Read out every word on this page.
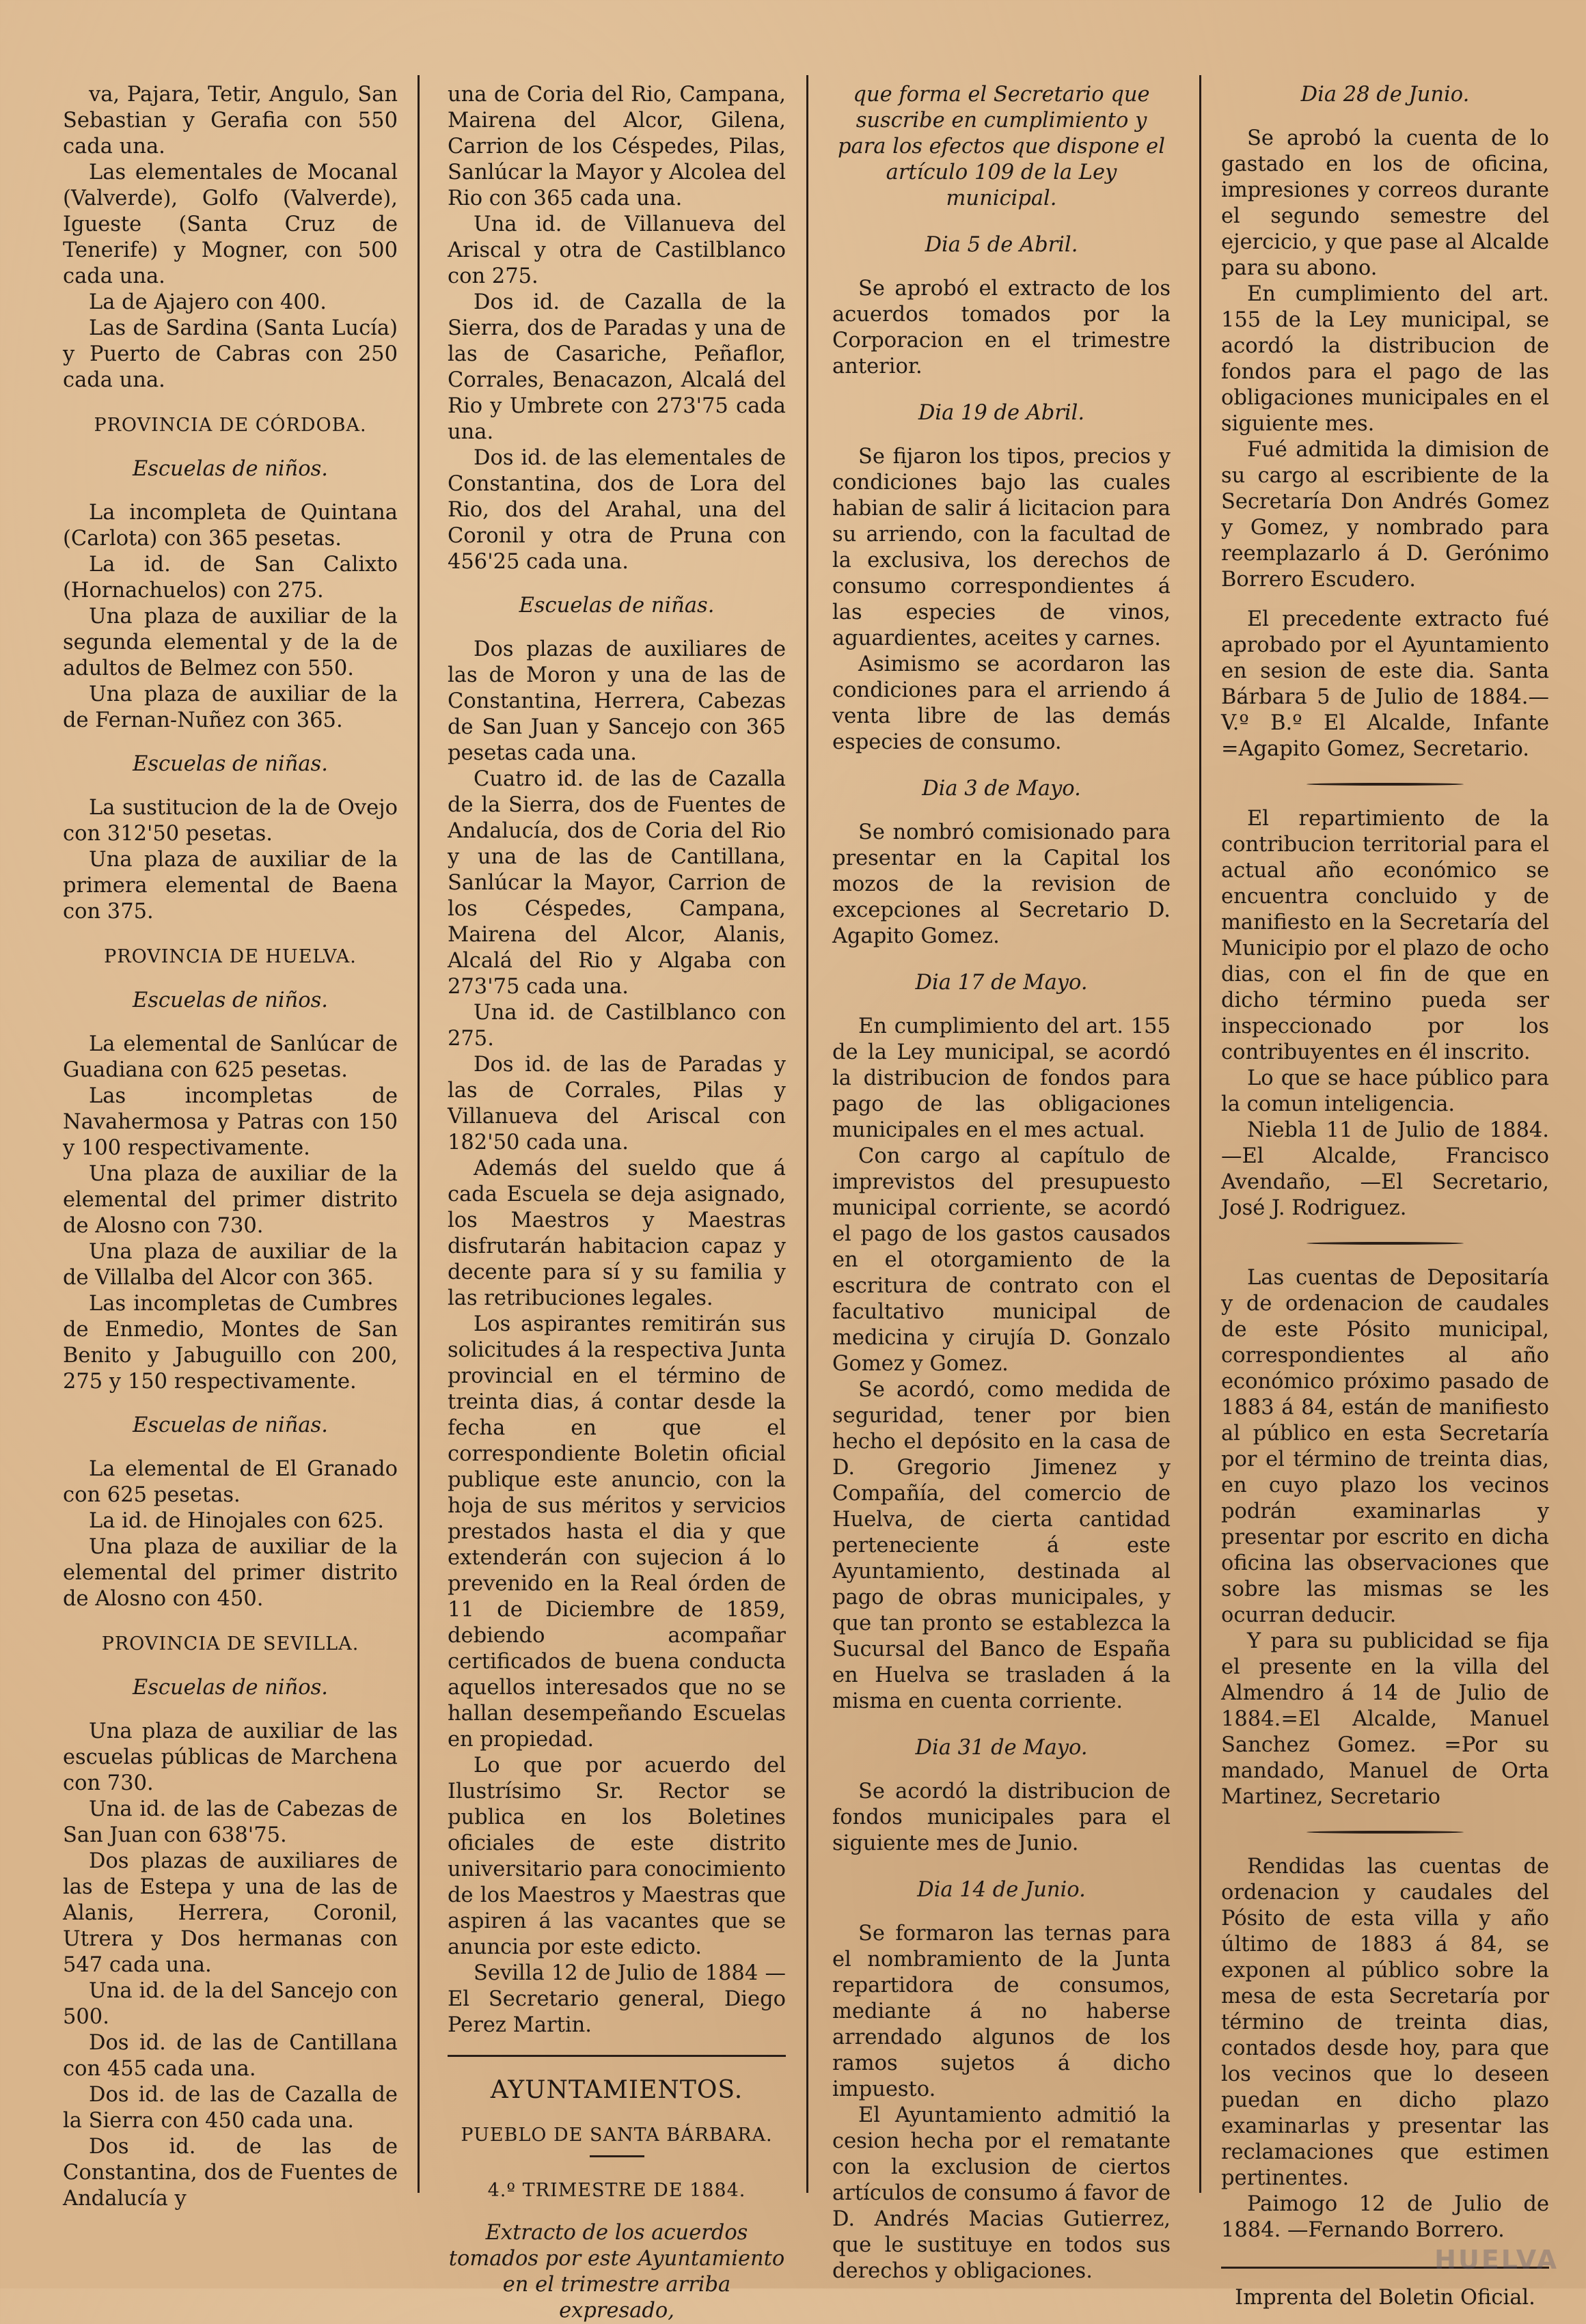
va, Pajara, Tetir, Angulo, San Sebastian y Gerafia con 550 cada una.

Las elementales de Mocanal (Valverde), Golfo (Valverde), Igueste (Santa Cruz de Tenerife) y Mogner, con 500 cada una.

La de Ajajero con 400.

Las de Sardina (Santa Lucía) y Puerto de Cabras con 250 cada una.

PROVINCIA DE CÓRDOBA.

Escuelas de niños.

La incompleta de Quintana (Carlota) con 365 pesetas.

La id. de San Calixto (Hornachuelos) con 275.

Una plaza de auxiliar de la segunda elemental y de la de adultos de Belmez con 550.

Una plaza de auxiliar de la de Fernan-Nuñez con 365.

Escuelas de niñas.

La sustitucion de la de Ovejo con 312'50 pesetas.

Una plaza de auxiliar de la primera elemental de Baena con 375.

PROVINCIA DE HUELVA.

Escuelas de niños.

La elemental de Sanlúcar de Guadiana con 625 pesetas.

Las incompletas de Navahermosa y Patras con 150 y 100 respectivamente.

Una plaza de auxiliar de la elemental del primer distrito de Alosno con 730.

Una plaza de auxiliar de la de Villalba del Alcor con 365.

Las incompletas de Cumbres de Enmedio, Montes de San Benito y Jabuguillo con 200, 275 y 150 respectivamente.

Escuelas de niñas.

La elemental de El Granado con 625 pesetas.

La id. de Hinojales con 625.

Una plaza de auxiliar de la elemental del primer distrito de Alosno con 450.

PROVINCIA DE SEVILLA.

Escuelas de niños.

Una plaza de auxiliar de las escuelas públicas de Marchena con 730.

Una id. de las de Cabezas de San Juan con 638'75.

Dos plazas de auxiliares de las de Estepa y una de las de Alanis, Herrera, Coronil, Utrera y Dos hermanas con 547 cada una.

Una id. de la del Sancejo con 500.

Dos id. de las de Cantillana con 455 cada una.

Dos id. de las de Cazalla de la Sierra con 450 cada una.

Dos id. de las de Constantina, dos de Fuentes de Andalucía y

una de Coria del Rio, Campana, Mairena del Alcor, Gilena, Carrion de los Céspedes, Pilas, Sanlúcar la Mayor y Alcolea del Rio con 365 cada una.

Una id. de Villanueva del Ariscal y otra de Castilblanco con 275.

Dos id. de Cazalla de la Sierra, dos de Paradas y una de las de Casariche, Peñaflor, Corrales, Benacazon, Alcalá del Rio y Umbrete con 273'75 cada una.

Dos id. de las elementales de Constantina, dos de Lora del Rio, dos del Arahal, una del Coronil y otra de Pruna con 456'25 cada una.

Escuelas de niñas.

Dos plazas de auxiliares de las de Moron y una de las de Constantina, Herrera, Cabezas de San Juan y Sancejo con 365 pesetas cada una.

Cuatro id. de las de Cazalla de la Sierra, dos de Fuentes de Andalucía, dos de Coria del Rio y una de las de Cantillana, Sanlúcar la Mayor, Carrion de los Céspedes, Campana, Mairena del Alcor, Alanis, Alcalá del Rio y Algaba con 273'75 cada una.

Una id. de Castilblanco con 275.

Dos id. de las de Paradas y las de Corrales, Pilas y Villanueva del Ariscal con 182'50 cada una.

Además del sueldo que á cada Escuela se deja asignado, los Maestros y Maestras disfrutarán habitacion capaz y decente para sí y su familia y las retribuciones legales.

Los aspirantes remitirán sus solicitudes á la respectiva Junta provincial en el término de treinta dias, á contar desde la fecha en que el correspondiente Boletin oficial publique este anuncio, con la hoja de sus méritos y servicios prestados hasta el dia y que extenderán con sujecion á lo prevenido en la Real órden de 11 de Diciembre de 1859, debiendo acompañar certificados de buena conducta aquellos interesados que no se hallan desempeñando Escuelas en propiedad.

Lo que por acuerdo del Ilustrísimo Sr. Rector se publica en los Boletines oficiales de este distrito universitario para conocimiento de los Maestros y Maestras que aspiren á las vacantes que se anuncia por este edicto.

Sevilla 12 de Julio de 1884 — El Secretario general, Diego Perez Martin.

AYUNTAMIENTOS.

PUEBLO DE SANTA BÁRBARA.

4.º TRIMESTRE DE 1884.

Extracto de los acuerdos tomados por este Ayuntamiento en el trimestre arriba expresado,

que forma el Secretario que suscribe en cumplimiento y para los efectos que dispone el artículo 109 de la Ley municipal.

Dia 5 de Abril.

Se aprobó el extracto de los acuerdos tomados por la Corporacion en el trimestre anterior.

Dia 19 de Abril.

Se fijaron los tipos, precios y condiciones bajo las cuales habian de salir á licitacion para su arriendo, con la facultad de la exclusiva, los derechos de consumo correspondientes á las especies de vinos, aguardientes, aceites y carnes.

Asimismo se acordaron las condiciones para el arriendo á venta libre de las demás especies de consumo.

Dia 3 de Mayo.

Se nombró comisionado para presentar en la Capital los mozos de la revision de excepciones al Secretario D. Agapito Gomez.

Dia 17 de Mayo.

En cumplimiento del art. 155 de la Ley municipal, se acordó la distribucion de fondos para pago de las obligaciones municipales en el mes actual.

Con cargo al capítulo de imprevistos del presupuesto municipal corriente, se acordó el pago de los gastos causados en el otorgamiento de la escritura de contrato con el facultativo municipal de medicina y cirujía D. Gonzalo Gomez y Gomez.

Se acordó, como medida de seguridad, tener por bien hecho el depósito en la casa de D. Gregorio Jimenez y Compañía, del comercio de Huelva, de cierta cantidad perteneciente á este Ayuntamiento, destinada al pago de obras municipales, y que tan pronto se establezca la Sucursal del Banco de España en Huelva se trasladen á la misma en cuenta corriente.

Dia 31 de Mayo.

Se acordó la distribucion de fondos municipales para el siguiente mes de Junio.

Dia 14 de Junio.

Se formaron las ternas para el nombramiento de la Junta repartidora de consumos, mediante á no haberse arrendado algunos de los ramos sujetos á dicho impuesto.

El Ayuntamiento admitió la cesion hecha por el rematante con la exclusion de ciertos artículos de consumo á favor de D. Andrés Macias Gutierrez, que le sustituye en todos sus derechos y obligaciones.

Dia 28 de Junio.

Se aprobó la cuenta de lo gastado en los de oficina, impresiones y correos durante el segundo semestre del ejercicio, y que pase al Alcalde para su abono.

En cumplimiento del art. 155 de la Ley municipal, se acordó la distribucion de fondos para el pago de las obligaciones municipales en el siguiente mes.

Fué admitida la dimision de su cargo al escribiente de la Secretaría Don Andrés Gomez y Gomez, y nombrado para reemplazarlo á D. Gerónimo Borrero Escudero.

El precedente extracto fué aprobado por el Ayuntamiento en sesion de este dia. Santa Bárbara 5 de Julio de 1884.—V.º B.º El Alcalde, Infante =Agapito Gomez, Secretario.

El repartimiento de la contribucion territorial para el actual año económico se encuentra concluido y de manifiesto en la Secretaría del Municipio por el plazo de ocho dias, con el fin de que en dicho término pueda ser inspeccionado por los contribuyentes en él inscrito.

Lo que se hace público para la comun inteligencia.

Niebla 11 de Julio de 1884.—El Alcalde, Francisco Avendaño, —El Secretario, José J. Rodriguez.

Las cuentas de Depositaría y de ordenacion de caudales de este Pósito municipal, correspondientes al año económico próximo pasado de 1883 á 84, están de manifiesto al público en esta Secretaría por el término de treinta dias, en cuyo plazo los vecinos podrán examinarlas y presentar por escrito en dicha oficina las observaciones que sobre las mismas se les ocurran deducir.

Y para su publicidad se fija el presente en la villa del Almendro á 14 de Julio de 1884.=El Alcalde, Manuel Sanchez Gomez. =Por su mandado, Manuel de Orta Martinez, Secretario

Rendidas las cuentas de ordenacion y caudales del Pósito de esta villa y año último de 1883 á 84, se exponen al público sobre la mesa de esta Secretaría por término de treinta dias, contados desde hoy, para que los vecinos que lo deseen puedan en dicho plazo examinarlas y presentar las reclamaciones que estimen pertinentes.

Paimogo 12 de Julio de 1884. —Fernando Borrero.

Imprenta del Boletin Oficial.

HUELVA
